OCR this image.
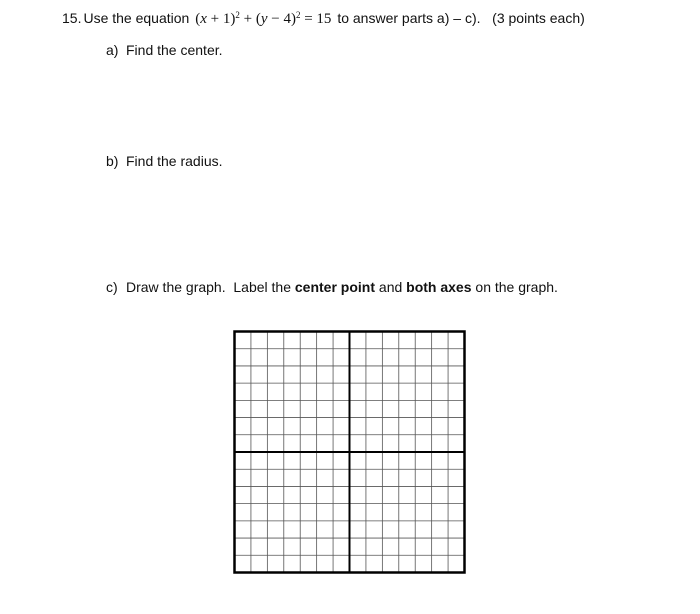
15. Use the equation $(x + 1)^2 + (y - 4)^2 = 15$ to answer parts a) – c). (3 points each)
a) Find the center.
b) Find the radius.
c) Draw the graph.  Label the center point and both axes on the graph.
